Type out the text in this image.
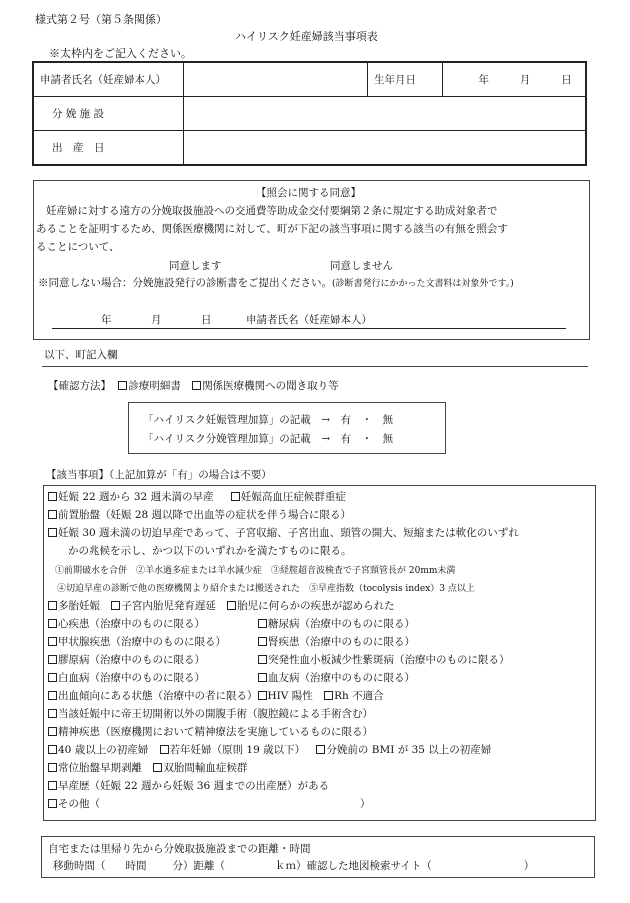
様式第２号（第５条関係）
ハイリスク妊産婦該当事項表
※太枠内をご記入ください。
申請者氏名（妊産婦本人）		生年月日	年 月 日
分 娩 施 設			
出　産　日			
【照会に関する同意】
妊産婦に対する遠方の分娩取扱施設への交通費等助成金交付要綱第２条に規定する助成対象者で
あることを証明するため、関係医療機関に対して、町が下記の該当事項に関する該当の有無を照会す
ることについて、
同意します	同意しません
※同意しない場合：分娩施設発行の診断書をご提出ください。(診断書発行にかかった文書料は対象外です。)
年	月	日	申請者氏名（妊産婦本人）
以下、町記入欄
【確認方法】 診療明細書 関係医療機関への聞き取り等
「ハイリスク妊娠管理加算」の記載　→　有　・　無
「ハイリスク分娩管理加算」の記載　→　有　・　無
【該当事項】（上記加算が「有」の場合は不要）
妊娠 22 週から 32 週未満の早産	妊娠高血圧症候群重症
前置胎盤（妊娠 28 週以降で出血等の症状を伴う場合に限る）
妊娠 30 週未満の切迫早産であって、子宮収縮、子宮出血、頸管の開大、短縮または軟化のいずれ
かの兆候を示し、かつ以下のいずれかを満たすものに限る。
①前期破水を合併　②羊水過多症または羊水減少症　③経腟超音波検査で子宮頸管長が 20mm未満
④切迫早産の診断で他の医療機関より紹介または搬送された　⑤早産指数（tocolysis index）3 点以上
多胎妊娠 子宮内胎児発育遅延 胎児に何らかの疾患が認められた
心疾患（治療中のものに限る）	糖尿病（治療中のものに限る）
甲状腺疾患（治療中のものに限る）	腎疾患（治療中のものに限る）
膠原病（治療中のものに限る）	突発性血小板減少性紫斑病（治療中のものに限る）
白血病（治療中のものに限る）	血友病（治療中のものに限る）
出血傾向にある状態（治療中の者に限る） HIV 陽性 Rh 不適合
当該妊娠中に帝王切開術以外の開腹手術（腹腔鏡による手術含む）
精神疾患（医療機関において精神療法を実施しているものに限る）
40 歳以上の初産婦 若年妊婦（原則 19 歳以下） 分娩前の BMI が 35 以上の初産婦
常位胎盤早期剥離 双胎間輸血症候群
早産歴（妊娠 22 週から妊娠 36 週までの出産歴）がある
その他（	）
自宅または里帰り先から分娩取扱施設までの距離・時間
移動時間（ 時間 分）距離（	ｋｍ）確認した地図検索サイト（	）
